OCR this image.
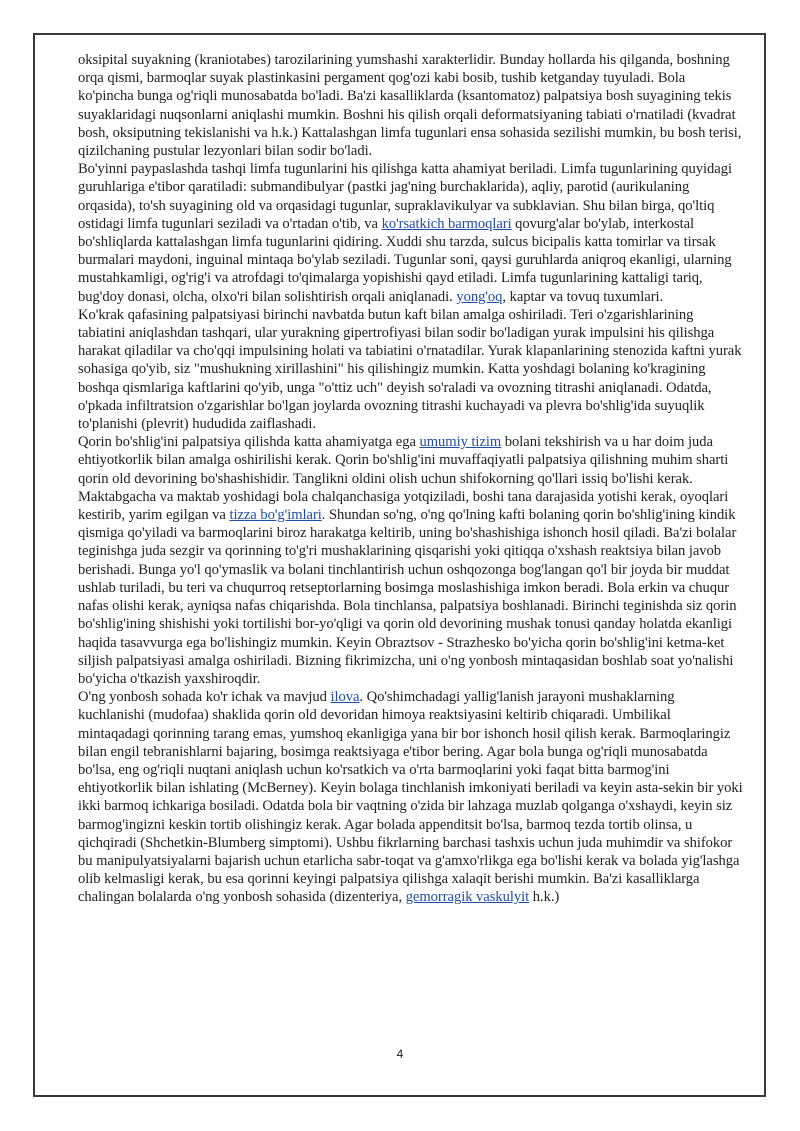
oksipital suyakning (kraniotabes) tarozilarining yumshashi xarakterlidir. Bunday hollarda his qilganda, boshning orqa qismi, barmoqlar suyak plastinkasini pergament qog'ozi kabi bosib, tushib ketganday tuyuladi. Bola ko'pincha bunga og'riqli munosabatda bo'ladi. Ba'zi kasalliklarda (ksantomatoz) palpatsiya bosh suyagining tekis suyaklaridagi nuqsonlarni aniqlashi mumkin. Boshni his qilish orqali deformatsiyaning tabiati o'rnatiladi (kvadrat bosh, oksiputning tekislanishi va h.k.) Kattalashgan limfa tugunlari ensa sohasida sezilishi mumkin, bu bosh terisi, qizilchaning pustular lezyonlari bilan sodir bo'ladi.

Bo'yinni paypaslashda tashqi limfa tugunlarini his qilishga katta ahamiyat beriladi. Limfa tugunlarining quyidagi guruhlariga e'tibor qaratiladi: submandibulyar (pastki jag'ning burchaklarida), aqliy, parotid (aurikulaning orqasida), to'sh suyagining old va orqasidagi tugunlar, supraklavikulyar va subklavian. Shu bilan birga, qo'ltiq ostidagi limfa tugunlari seziladi va o'rtadan o'tib, va ko'rsatkich barmoqlari qovurg'alar bo'ylab, interkostal bo'shliqlarda kattalashgan limfa tugunlarini qidiring. Xuddi shu tarzda, sulcus bicipalis katta tomirlar va tirsak burmalari maydoni, inguinal mintaqa bo'ylab seziladi. Tugunlar soni, qaysi guruhlarda aniqroq ekanligi, ularning mustahkamligi, og'rig'i va atrofdagi to'qimalarga yopishishi qayd etiladi. Limfa tugunlarining kattaligi tariq, bug'doy donasi, olcha, olxo'ri bilan solishtirish orqali aniqlanadi. yong'oq, kaptar va tovuq tuxumlari.

Ko'krak qafasining palpatsiyasi birinchi navbatda butun kaft bilan amalga oshiriladi. Teri o'zgarishlarining tabiatini aniqlashdan tashqari, ular yurakning gipertrofiyasi bilan sodir bo'ladigan yurak impulsini his qilishga harakat qiladilar va cho'qqi impulsining holati va tabiatini o'rnatadilar. Yurak klapanlarining stenozida kaftni yurak sohasiga qo'yib, siz "mushukning xirillashini" his qilishingiz mumkin. Katta yoshdagi bolaning ko'kragining boshqa qismlariga kaftlarini qo'yib, unga "o'ttiz uch" deyish so'raladi va ovozning titrashi aniqlanadi. Odatda, o'pkada infiltratsion o'zgarishlar bo'lgan joylarda ovozning titrashi kuchayadi va plevra bo'shlig'ida suyuqlik to'planishi (plevrit) hududida zaiflashadi.

Qorin bo'shlig'ini palpatsiya qilishda katta ahamiyatga ega umumiy tizim bolani tekshirish va u har doim juda ehtiyotkorlik bilan amalga oshirilishi kerak. Qorin bo'shlig'ini muvaffaqiyatli palpatsiya qilishning muhim sharti qorin old devorining bo'shashishidir. Tanglikni oldini olish uchun shifokorning qo'llari issiq bo'lishi kerak. Maktabgacha va maktab yoshidagi bola chalqanchasiga yotqiziladi, boshi tana darajasida yotishi kerak, oyoqlari kestirib, yarim egilgan va tizza bo'g'imlari. Shundan so'ng, o'ng qo'lning kafti bolaning qorin bo'shlig'ining kindik qismiga qo'yiladi va barmoqlarini biroz harakatga keltirib, uning bo'shashishiga ishonch hosil qiladi. Ba'zi bolalar teginishga juda sezgir va qorinning to'g'ri mushaklarining qisqarishi yoki qitiqqa o'xshash reaktsiya bilan javob berishadi. Bunga yo'l qo'ymaslik va bolani tinchlantirish uchun oshqozonga bog'langan qo'l bir joyda bir muddat ushlab turiladi, bu teri va chuqurroq retseptorlarning bosimga moslashishiga imkon beradi. Bola erkin va chuqur nafas olishi kerak, ayniqsa nafas chiqarishda. Bola tinchlansa, palpatsiya boshlanadi. Birinchi teginishda siz qorin bo'shlig'ining shishishi yoki tortilishi bor-yo'qligi va qorin old devorining mushak tonusi qanday holatda ekanligi haqida tasavvurga ega bo'lishingiz mumkin. Keyin Obraztsov - Strazhesko bo'yicha qorin bo'shlig'ini ketma-ket siljish palpatsiyasi amalga oshiriladi. Bizning fikrimizcha, uni o'ng yonbosh mintaqasidan boshlab soat yo'nalishi bo'yicha o'tkazish yaxshiroqdir.

O'ng yonbosh sohada ko'r ichak va mavjud ilova. Qo'shimchadagi yallig'lanish jarayoni mushaklarning kuchlanishi (mudofaa) shaklida qorin old devoridan himoya reaktsiyasini keltirib chiqaradi. Umbilikal mintaqadagi qorinning tarang emas, yumshoq ekanligiga yana bir bor ishonch hosil qilish kerak. Barmoqlaringiz bilan engil tebranishlarni bajaring, bosimga reaktsiyaga e'tibor bering. Agar bola bunga og'riqli munosabatda bo'lsa, eng og'riqli nuqtani aniqlash uchun ko'rsatkich va o'rta barmoqlarini yoki faqat bitta barmog'ini ehtiyotkorlik bilan ishlating (McBerney). Keyin bolaga tinchlanish imkoniyati beriladi va keyin asta-sekin bir yoki ikki barmoq ichkariga bosiladi. Odatda bola bir vaqtning o'zida bir lahzaga muzlab qolganga o'xshaydi, keyin siz barmog'ingizni keskin tortib olishingiz kerak. Agar bolada appenditsit bo'lsa, barmoq tezda tortib olinsa, u qichqiradi (Shchetkin-Blumberg simptomi). Ushbu fikrlarning barchasi tashxis uchun juda muhimdir va shifokor bu manipulyatsiyalarni bajarish uchun etarlicha sabr-toqat va g'amxo'rlikga ega bo'lishi kerak va bolada yig'lashga olib kelmasligi kerak, bu esa qorinni keyingi palpatsiya qilishga xalaqit berishi mumkin. Ba'zi kasalliklarga chalingan bolalarda o'ng yonbosh sohasida (dizenteriya, gemorragik vaskulyit h.k.)

4
